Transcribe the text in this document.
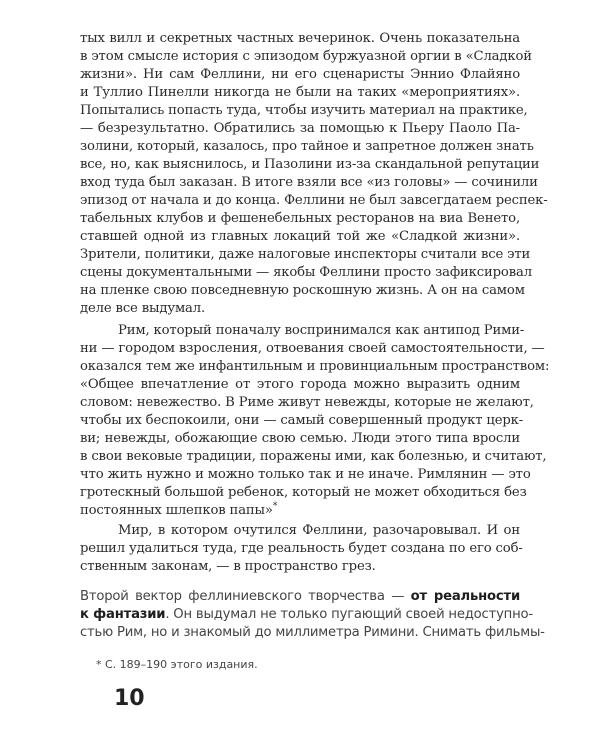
тых вилл и секретных частных вечеринок. Очень показательна
в этом смысле история с эпизодом буржуазной оргии в «Сладкой
жизни». Ни сам Феллини, ни его сценаристы Эннио Флайяно
и Туллио Пинелли никогда не были на таких «мероприятиях».
Попытались попасть туда, чтобы изучить материал на практике,
— безрезультатно. Обратились за помощью к Пьеру Паоло Па-
золини, который, казалось, про тайное и запретное должен знать
все, но, как выяснилось, и Пазолини из-за скандальной репутации
вход туда был заказан. В итоге взяли все «из головы» — сочинили
эпизод от начала и до конца. Феллини не был завсегдатаем респек-
табельных клубов и фешенебельных ресторанов на виа Венето,
ставшей одной из главных локаций той же «Сладкой жизни».
Зрители, политики, даже налоговые инспекторы считали все эти
сцены документальными — якобы Феллини просто зафиксировал
на пленке свою повседневную роскошную жизнь. А он на самом
деле все выдумал.
Рим, который поначалу воспринимался как антипод Рими-
ни — городом взросления, отвоевания своей самостоятельности, —
оказался тем же инфантильным и провинциальным пространством:
«Общее впечатление от этого города можно выразить одним
словом: невежество. В Риме живут невежды, которые не желают,
чтобы их беспокоили, они — самый совершенный продукт церк-
ви; невежды, обожающие свою семью. Люди этого типа вросли
в свои вековые традиции, поражены ими, как болезнью, и считают,
что жить нужно и можно только так и не иначе. Римлянин — это
гротескный большой ребенок, который не может обходиться без
постоянных шлепков папы»*
Мир, в котором очутился Феллини, разочаровывал. И он
решил удалиться туда, где реальность будет создана по его соб-
ственным законам, — в пространство грез.
Второй вектор феллиниевского творчества — от реальности
к фантазии. Он выдумал не только пугающий своей недоступно-
стью Рим, но и знакомый до миллиметра Римини. Снимать фильмы-
* С. 189–190 этого издания.
10
